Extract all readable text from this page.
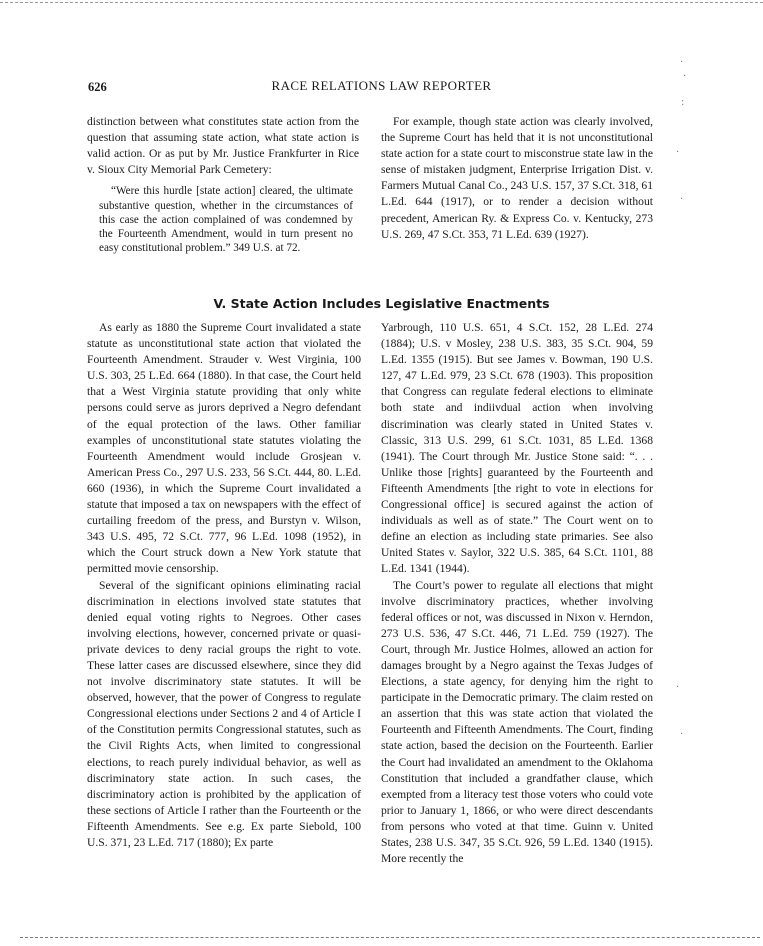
626	RACE RELATIONS LAW REPORTER

distinction between what constitutes state action from the question that assuming state action, what state action is valid action. Or as put by Mr. Justice Frankfurter in Rice v. Sioux City Memorial Park Cemetery:

“Were this hurdle [state action] cleared, the ultimate substantive question, whether in the circumstances of this case the action complained of was condemned by the Fourteenth Amendment, would in turn present no easy constitutional problem.” 349 U.S. at 72.

For example, though state action was clearly involved, the Supreme Court has held that it is not unconstitutional state action for a state court to misconstrue state law in the sense of mistaken judgment, Enterprise Irrigation Dist. v. Farmers Mutual Canal Co., 243 U.S. 157, 37 S.Ct. 318, 61 L.Ed. 644 (1917), or to render a decision without precedent, American Ry. & Express Co. v. Kentucky, 273 U.S. 269, 47 S.Ct. 353, 71 L.Ed. 639 (1927).

V. State Action Includes Legislative Enactments

As early as 1880 the Supreme Court invalidated a state statute as unconstitutional state action that violated the Fourteenth Amendment. Strauder v. West Virginia, 100 U.S. 303, 25 L.Ed. 664 (1880). In that case, the Court held that a West Virginia statute providing that only white persons could serve as jurors deprived a Negro defendant of the equal protection of the laws. Other familiar examples of unconstitutional state statutes violating the Fourteenth Amendment would include Grosjean v. American Press Co., 297 U.S. 233, 56 S.Ct. 444, 80. L.Ed. 660 (1936), in which the Supreme Court invalidated a statute that imposed a tax on newspapers with the effect of curtailing freedom of the press, and Burstyn v. Wilson, 343 U.S. 495, 72 S.Ct. 777, 96 L.Ed. 1098 (1952), in which the Court struck down a New York statute that permitted movie censorship.

Several of the significant opinions eliminating racial discrimination in elections involved state statutes that denied equal voting rights to Negroes. Other cases involving elections, however, concerned private or quasi-private devices to deny racial groups the right to vote. These latter cases are discussed elsewhere, since they did not involve discriminatory state statutes. It will be observed, however, that the power of Congress to regulate Congressional elections under Sections 2 and 4 of Article I of the Constitution permits Congressional statutes, such as the Civil Rights Acts, when limited to congressional elections, to reach purely individual behavior, as well as discriminatory state action. In such cases, the discriminatory action is prohibited by the application of these sections of Article I rather than the Fourteenth or the Fifteenth Amendments. See e.g. Ex parte Siebold, 100 U.S. 371, 23 L.Ed. 717 (1880); Ex parte

Yarbrough, 110 U.S. 651, 4 S.Ct. 152, 28 L.Ed. 274 (1884); U.S. v Mosley, 238 U.S. 383, 35 S.Ct. 904, 59 L.Ed. 1355 (1915). But see James v. Bowman, 190 U.S. 127, 47 L.Ed. 979, 23 S.Ct. 678 (1903). This proposition that Congress can regulate federal elections to eliminate both state and indiivdual action when involving discrimination was clearly stated in United States v. Classic, 313 U.S. 299, 61 S.Ct. 1031, 85 L.Ed. 1368 (1941). The Court through Mr. Justice Stone said: “. . . Unlike those [rights] guaranteed by the Fourteenth and Fifteenth Amendments [the right to vote in elections for Congressional office] is secured against the action of individuals as well as of state.” The Court went on to define an election as including state primaries. See also United States v. Saylor, 322 U.S. 385, 64 S.Ct. 1101, 88 L.Ed. 1341 (1944).

The Court’s power to regulate all elections that might involve discriminatory practices, whether involving federal offices or not, was discussed in Nixon v. Herndon, 273 U.S. 536, 47 S.Ct. 446, 71 L.Ed. 759 (1927). The Court, through Mr. Justice Holmes, allowed an action for damages brought by a Negro against the Texas Judges of Elections, a state agency, for denying him the right to participate in the Democratic primary. The claim rested on an assertion that this was state action that violated the Fourteenth and Fifteenth Amendments. The Court, finding state action, based the decision on the Fourteenth. Earlier the Court had invalidated an amendment to the Oklahoma Constitution that included a grandfather clause, which exempted from a literacy test those voters who could vote prior to January 1, 1866, or who were direct descendants from persons who voted at that time. Guinn v. United States, 238 U.S. 347, 35 S.Ct. 926, 59 L.Ed. 1340 (1915). More recently the

·
·
:
·
·
·
·
